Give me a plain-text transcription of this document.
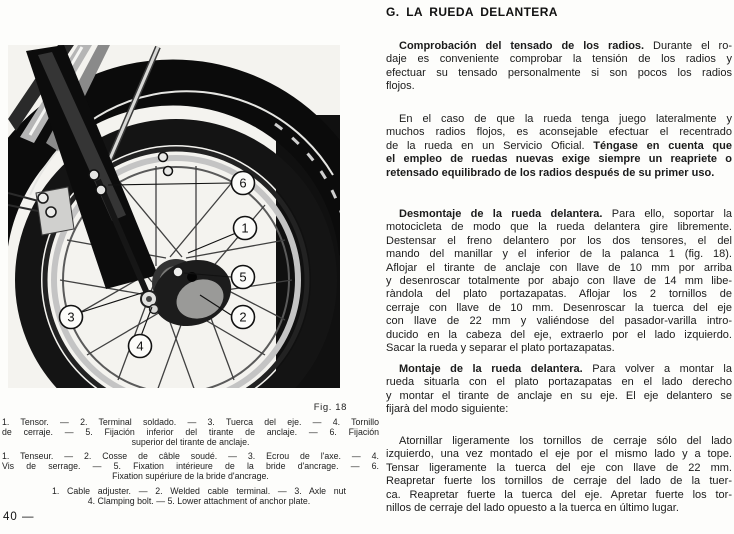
6
1
5
2
3
4
Fig. 18
1. Tensor. — 2. Terminal soldado. — 3. Tuerca del eje. — 4. Tornillo
de cerraje. — 5. Fijación inferior del tirante de anclaje. — 6. Fijación
superior del tirante de anclaje.
1. Tenseur. — 2. Cosse de câble soudé. — 3. Ecrou de l'axe. — 4.
Vis de serrage. — 5. Fixation intérieure de la bride d'ancrage. — 6.
Fixation supériure de la bride d'ancrage.
1. Cable adjuster. — 2. Welded cable terminal. — 3. Axle nut
4. Clamping bolt. — 5. Lower attachment of anchor plate.
40 —
G. LA RUEDA DELANTERA
Comprobación del tensado de los radios. Durante el ro-
daje es conveniente comprobar la tensión de los radios y
efectuar su tensado personalmente si son pocos los radios
flojos.
En el caso de que la rueda tenga juego lateralmente y
muchos radios flojos, es aconsejable efectuar el recentrado
de la rueda en un Servicio Oficial. Téngase en cuenta que
el empleo de ruedas nuevas exige siempre un reapriete o
retensado equilibrado de los radios después de su primer uso.
Desmontaje de la rueda delantera. Para ello, soportar la
motocicleta de modo que la rueda delantera gire libremente.
Destensar el freno delantero por los dos tensores, el del
mando del manillar y el inferior de la palanca 1 (fig. 18).
Aflojar el tirante de anclaje con llave de 10 mm por arriba
y desenroscar totalmente por abajo con llave de 14 mm libe-
ràndola del plato portazapatas. Aflojar los 2 tornillos de
cerraje con llave de 10 mm. Desenroscar la tuerca del eje
con llave de 22 mm y valiéndose del pasador-varilla intro-
ducido en la cabeza del eje, extraerlo por el lado izquierdo.
Sacar la rueda y separar el plato portazapatas.
Montaje de la rueda delantera. Para volver a montar la
rueda situarla con el plato portazapatas en el lado derecho
y montar el tirante de anclaje en su eje. El eje delantero se
fijarà del modo siguiente:
Atornillar ligeramente los tornillos de cerraje sólo del lado
izquierdo, una vez montado el eje por el mismo lado y a tope.
Tensar ligeramente la tuerca del eje con llave de 22 mm.
Reapretar fuerte los tornillos de cerraje del lado de la tuer-
ca. Reapretar fuerte la tuerca del eje. Apretar fuerte los tor-
nillos de cerraje del lado opuesto a la tuerca en último lugar.
